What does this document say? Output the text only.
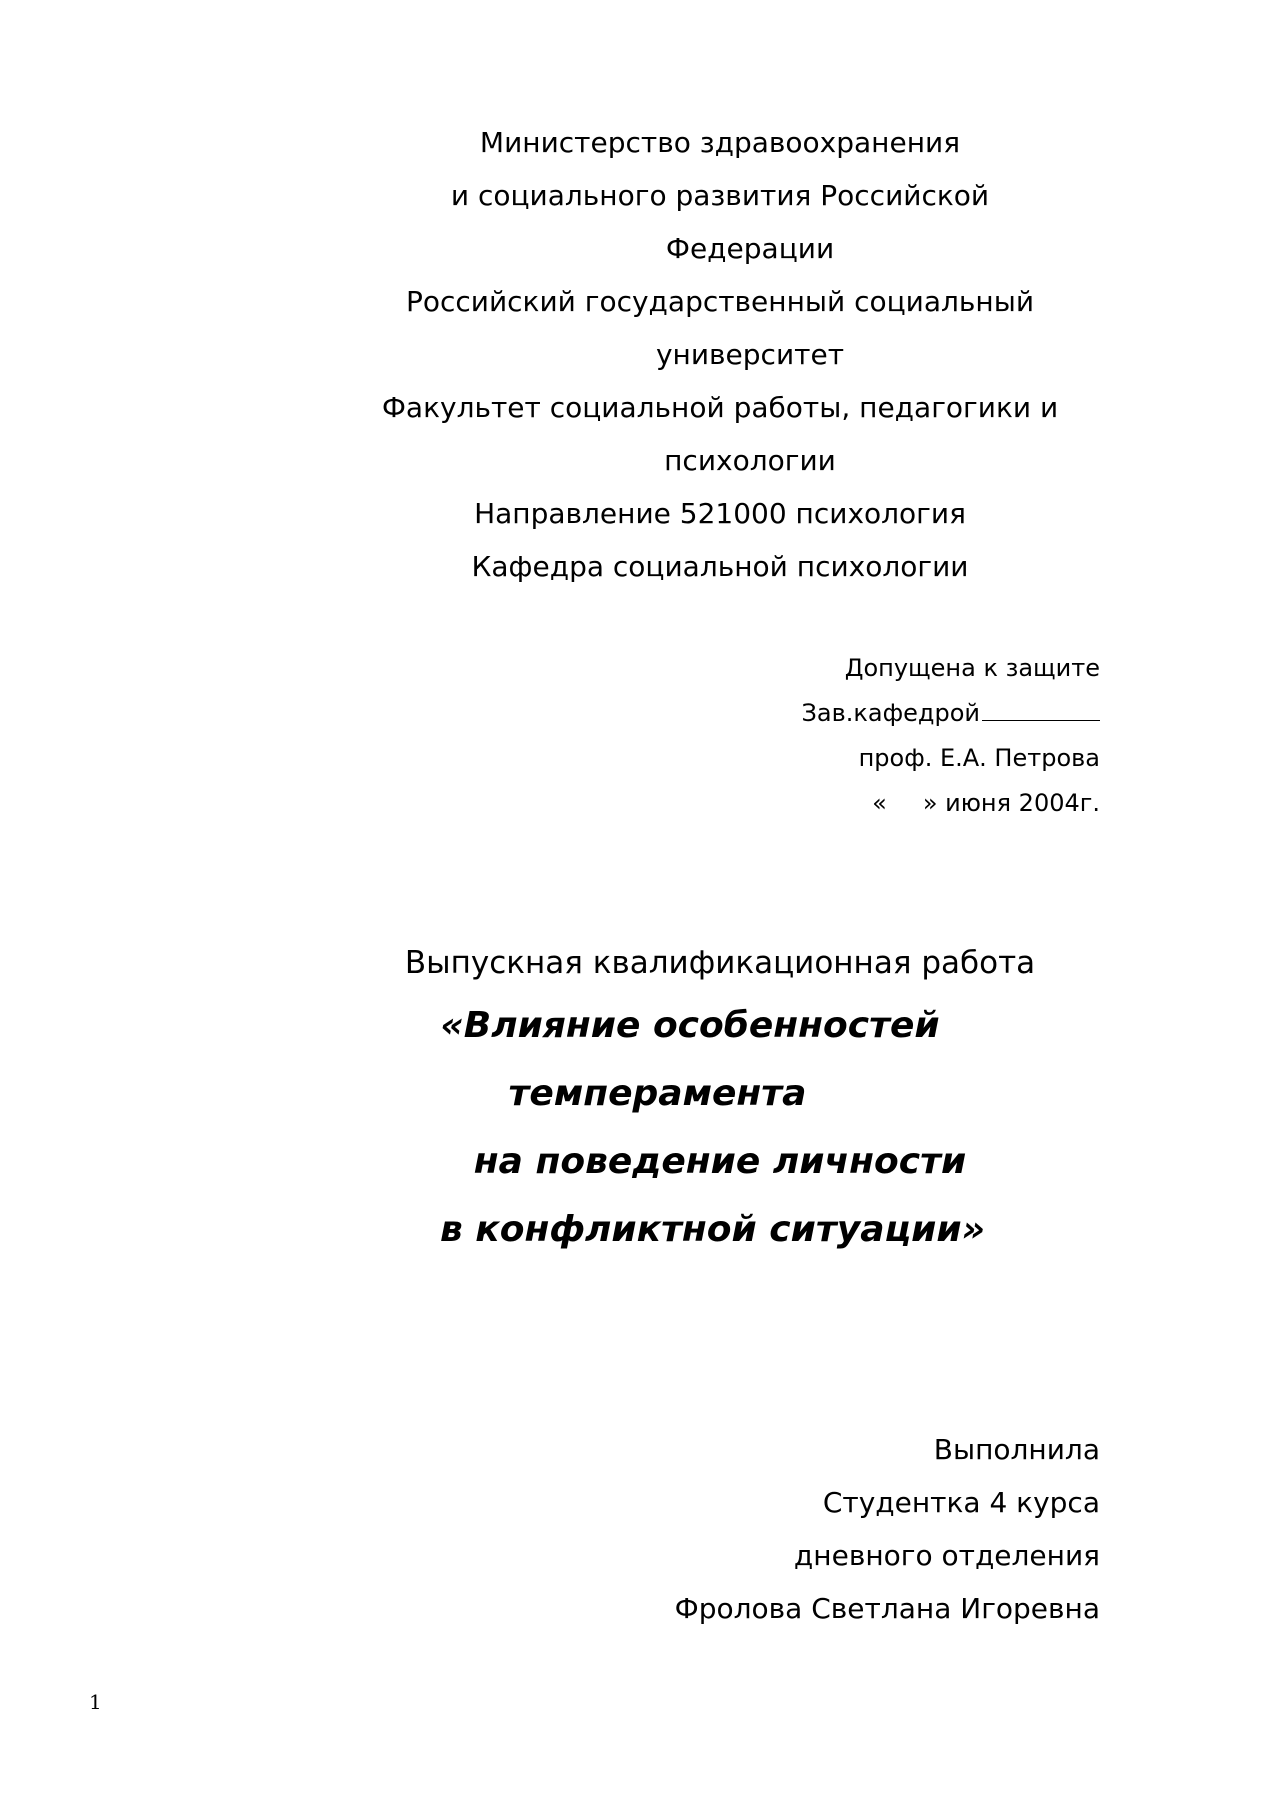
Министерство здравоохранения
и социального развития Российской
Федерации
Российский государственный социальный
университет
Факультет социальной работы, педагогики и
психологии
Направление 521000 психология
Кафедра социальной психологии
Допущена к защите
Зав.кафедрой
проф. Е.А. Петрова
« » июня 2004г.
Выпускная квалификационная работа
«Влияние особенностей
темперамента
на поведение личности
в конфликтной ситуации»
Выполнила
Студентка 4 курса
дневного отделения
Фролова Светлана Игоревна
1
